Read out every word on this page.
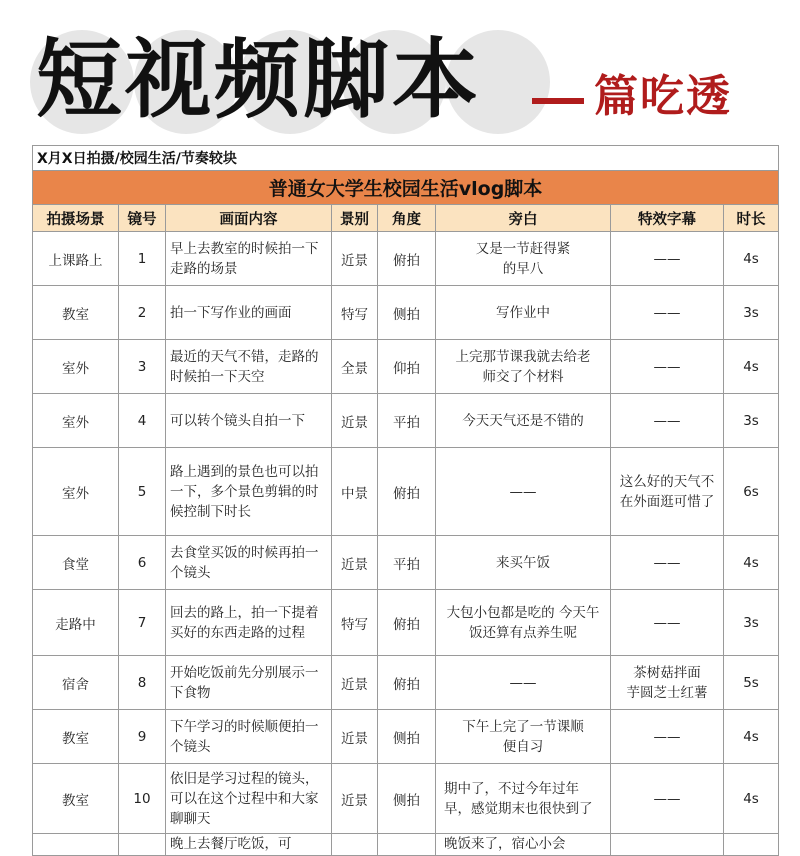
短视频脚本	篇吃透
X月X日拍摄/校园生活/节奏较块							
普通女大学生校园生活vlog脚本							
拍摄场景	镜号	画面内容	景别	角度	旁白	特效字幕	时长
上课路上	1	早上去教室的时候拍一下走路的场景	近景	俯拍	又是一节赶得紧的早八	——	4s
教室	2	拍一下写作业的画面	特写	侧拍	写作业中	——	3s
室外	3	最近的天气不错，走路的时候拍一下天空	全景	仰拍	上完那节课我就去给老师交了个材料	——	4s
室外	4	可以转个镜头自拍一下	近景	平拍	今天天气还是不错的	——	3s
室外	5	路上遇到的景色也可以拍一下，多个景色剪辑的时候控制下时长	中景	俯拍	——	这么好的天气不在外面逛可惜了	6s
食堂	6	去食堂买饭的时候再拍一个镜头	近景	平拍	来买午饭	——	4s
走路中	7	回去的路上，拍一下提着买好的东西走路的过程	特写	俯拍	大包小包都是吃的 今天午饭还算有点养生呢	——	3s
宿舍	8	开始吃饭前先分别展示一下食物	近景	俯拍	——	茶树菇拌面 芋圆芝士红薯	5s
教室	9	下午学习的时候顺便拍一个镜头	近景	侧拍	下午上完了一节课顺便自习	——	4s
教室	10	依旧是学习过程的镜头，可以在这个过程中和大家聊聊天	近景	侧拍	期中了，不过今年过年早，感觉期末也很快到了	——	4s
		晚上去餐厅吃饭，可			晚饭来了，宿心小会		
